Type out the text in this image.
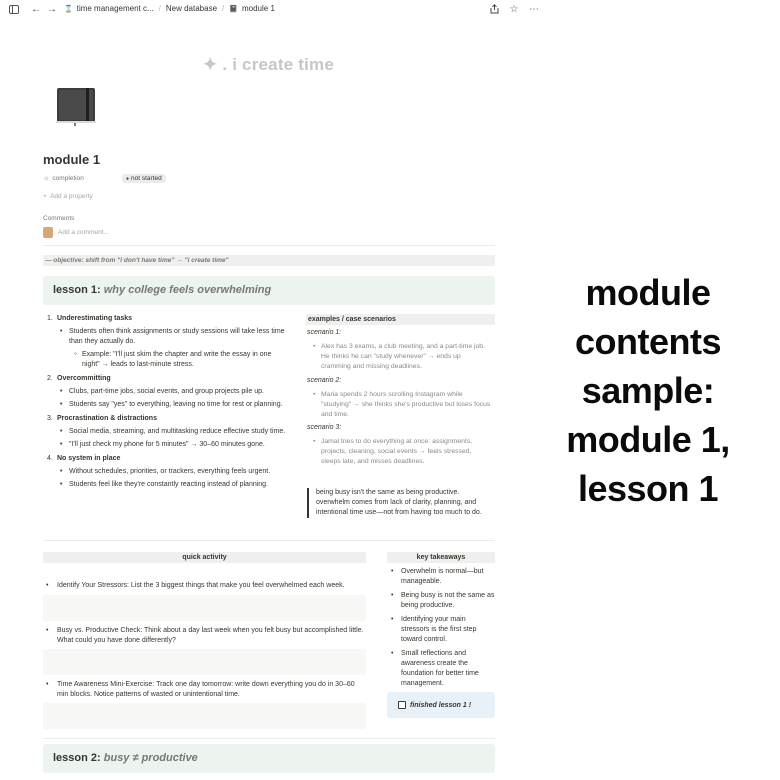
← → ⌛ time management c... / New database / 📓 module 1	☆ ⋯
✦ . i create time
module 1
☼ completion	● not started
+ Add a property
Comments
Add a comment...
— objective: shift from "i don't have time" → "i create time"
lesson 1: why college feels overwhelming
1. Underestimating tasks
• Students often think assignments or study sessions will take less time than they actually do.
◦ Example: "I'll just skim the chapter and write the essay in one night" → leads to last-minute stress.
2. Overcommitting
• Clubs, part-time jobs, social events, and group projects pile up.
• Students say "yes" to everything, leaving no time for rest or planning.
3. Procrastination & distractions
• Social media, streaming, and multitasking reduce effective study time.
• "I'll just check my phone for 5 minutes" → 30–60 minutes gone.
4. No system in place
• Without schedules, priorities, or trackers, everything feels urgent.
• Students feel like they're constantly reacting instead of planning.
examples / case scenarios
scenario 1:
• Alex has 3 exams, a club meeting, and a part-time job. He thinks he can "study whenever" → ends up cramming and missing deadlines.
scenario 2:
• Maria spends 2 hours scrolling Instagram while "studying" → she thinks she's productive but loses focus and time.
scenario 3:
• Jamal tries to do everything at once: assignments, projects, cleaning, social events → feels stressed, sleeps late, and misses deadlines.
being busy isn't the same as being productive. overwhelm comes from lack of clarity, planning, and intentional time use—not from having too much to do.
quick activity
• Identify Your Stressors: List the 3 biggest things that make you feel overwhelmed each week.
• Busy vs. Productive Check: Think about a day last week when you felt busy but accomplished little. What could you have done differently?
• Time Awareness Mini-Exercise: Track one day tomorrow: write down everything you do in 30–60 min blocks. Notice patterns of wasted or unintentional time.
key takeaways
• Overwhelm is normal—but manageable.
• Being busy is not the same as being productive.
• Identifying your main stressors is the first step toward control.
• Small reflections and awareness create the foundation for better time management.
finished lesson 1 !
lesson 2: busy ≠ productive
module contents sample: module 1, lesson 1
